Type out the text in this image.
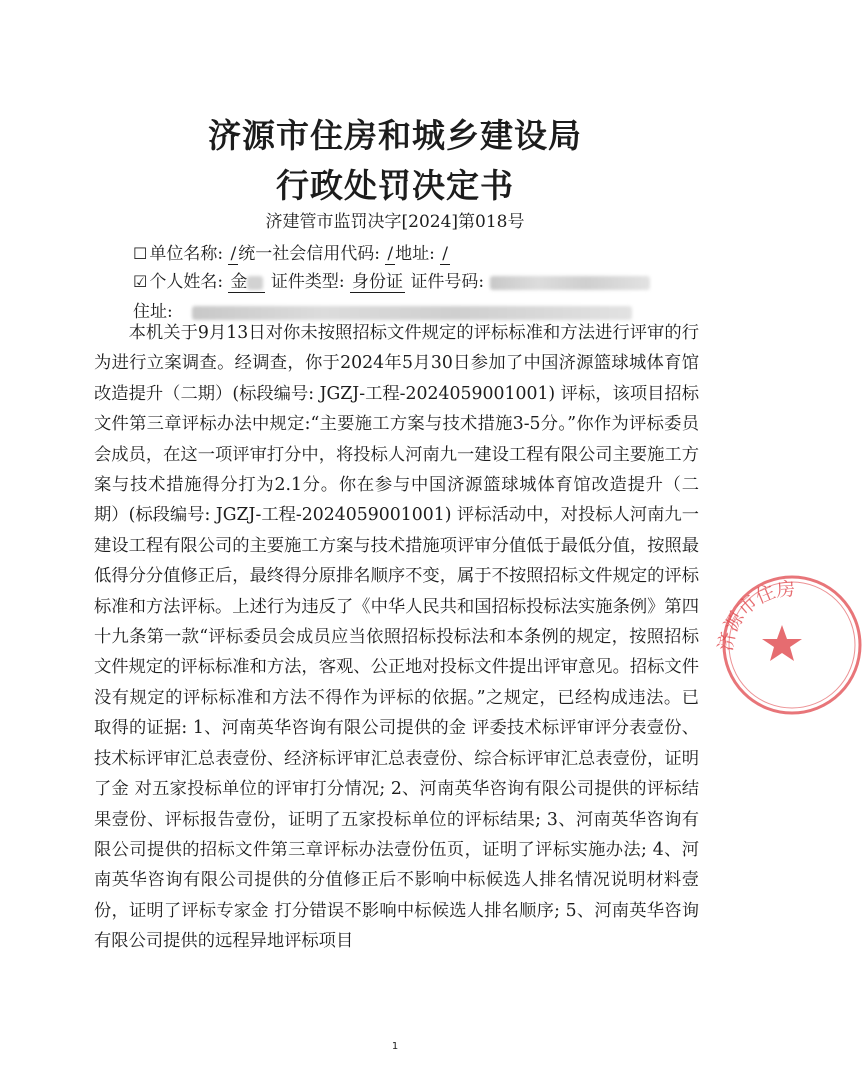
济源市住房和城乡建设局
行政处罚决定书
济建管市监罚决字[2024]第018号
☐ 单位名称: / 统一社会信用代码: / 地址: /
☑ 个人姓名: 金 证件类型: 身份证 证件号码:
住址:
本机关于9月13日对你未按照招标文件规定的评标标准和方法进行评审的行为进行立案调查。经调查，你于2024年5月30日参加了中国济源篮球城体育馆改造提升（二期）(标段编号: JGZJ-工程-2024059001001) 评标，该项目招标文件第三章评标办法中规定:“主要施工方案与技术措施3-5分。”你作为评标委员会成员，在这一项评审打分中，将投标人河南九一建设工程有限公司主要施工方案与技术措施得分打为2.1分。你在参与中国济源篮球城体育馆改造提升（二期）(标段编号: JGZJ-工程-2024059001001) 评标活动中，对投标人河南九一建设工程有限公司的主要施工方案与技术措施项评审分值低于最低分值，按照最低得分分值修正后，最终得分原排名顺序不变，属于不按照招标文件规定的评标标准和方法评标。上述行为违反了《中华人民共和国招标投标法实施条例》第四十九条第一款“评标委员会成员应当依照招标投标法和本条例的规定，按照招标文件规定的评标标准和方法，客观、公正地对投标文件提出评审意见。招标文件没有规定的评标标准和方法不得作为评标的依据。”之规定，已经构成违法。已取得的证据: 1、河南英华咨询有限公司提供的金 评委技术标评审评分表壹份、技术标评审汇总表壹份、经济标评审汇总表壹份、综合标评审汇总表壹份，证明了金 对五家投标单位的评审打分情况; 2、河南英华咨询有限公司提供的评标结果壹份、评标报告壹份，证明了五家投标单位的评标结果; 3、河南英华咨询有限公司提供的招标文件第三章评标办法壹份伍页，证明了评标实施办法; 4、河南英华咨询有限公司提供的分值修正后不影响中标候选人排名情况说明材料壹份，证明了评标专家金 打分错误不影响中标候选人排名顺序; 5、河南英华咨询有限公司提供的远程异地评标项目
1
济源市住房
